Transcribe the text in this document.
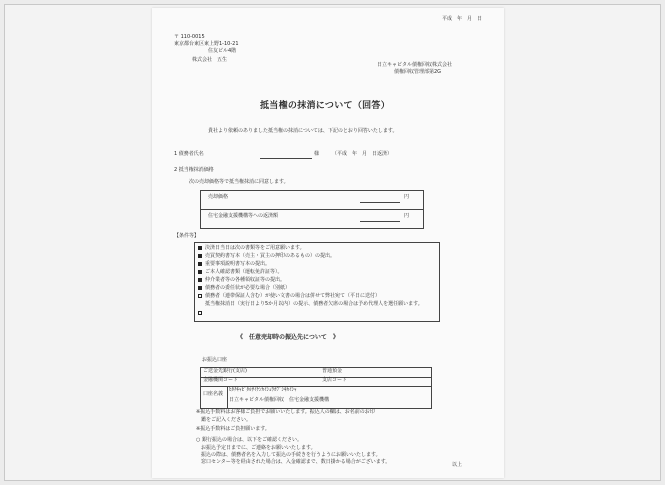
平成　年　月　日
〒 110-0015
東京都台東区東上野1-10-21
住友ビル4階
株式会社　五生
日立キャピタル債権回収株式会社
債権回収管理部第2G
抵当権の抹消について（回答）
貴社より依頼のありました抵当権の抹消については、下記のとおり回答いたします。
1 債務者氏名	様	（平成　年　月　日返済）
2 抵当権抹消価格
次の売却価格等で抵当権抹消に同意します。
売却価格	円
住宅金融支援機構等への返済額	円
【条件等】
《　任意売却時の振込先について　》
お振込口座
ご送金先銀行(支店)	普通預金
金融機関コード	支店コード
口座名義
ﾋﾀﾁｷｬﾋﾟﾀﾙｻｲｹﾝｶｲｼｭｳｶﾌﾞｼｷｶｲｼｬ
日立キャピタル債権回収　住宅金融支援機構
※振込手数料はお客様ご負担でお願いいたします。振込人の欄は、お名前のお印
　鑑をご記入ください。
※振込手数料はご負担願います。
○ 銀行振込の場合は、以下をご確認ください。
　お振込予定日までに、ご連絡をお願いいたします。
　振込の際は、債務者名を入力して振込の手続きを行うようにお願いいたします。
　窓口センター等を経由された場合は、入金確認まで、数日掛かる場合がございます。	以上
決済日当日は次の書類等をご用意願います。
売買契約書写本（売主・買主の押印のあるもの）の提出。
重要事項説明書写本の提出。
ご本人確認書類（運転免許証等）。
仲介業者等の各種領収証等の提出。
債務者の委任状が必要な場合（別紙）
債務者（連帯保証人含む）が使い文書の場合は併せて弊社宛て（平日に送付）
抵当権抹消日（実行日より5か月以内）の提示、債務者欠席の場合は予め代理人を選任願います。
